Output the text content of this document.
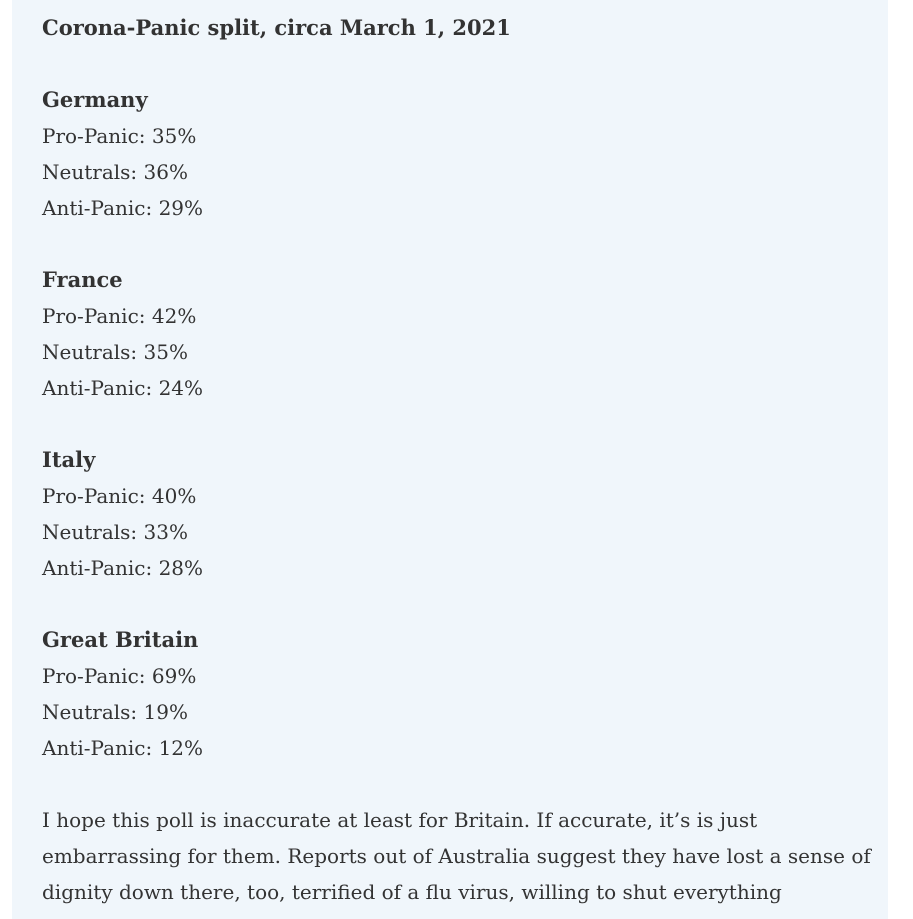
Corona-Panic split, circa March 1, 2021

Germany

Pro-Panic: 35%

Neutrals: 36%

Anti-Panic: 29%

France

Pro-Panic: 42%

Neutrals: 35%

Anti-Panic: 24%

Italy

Pro-Panic: 40%

Neutrals: 33%

Anti-Panic: 28%

Great Britain

Pro-Panic: 69%

Neutrals: 19%

Anti-Panic: 12%

I hope this poll is inaccurate at least for Britain. If accurate, it’s is just embarrassing for them. Reports out of Australia suggest they have lost a sense of dignity down there, too, terrified of a flu virus, willing to shut everything
